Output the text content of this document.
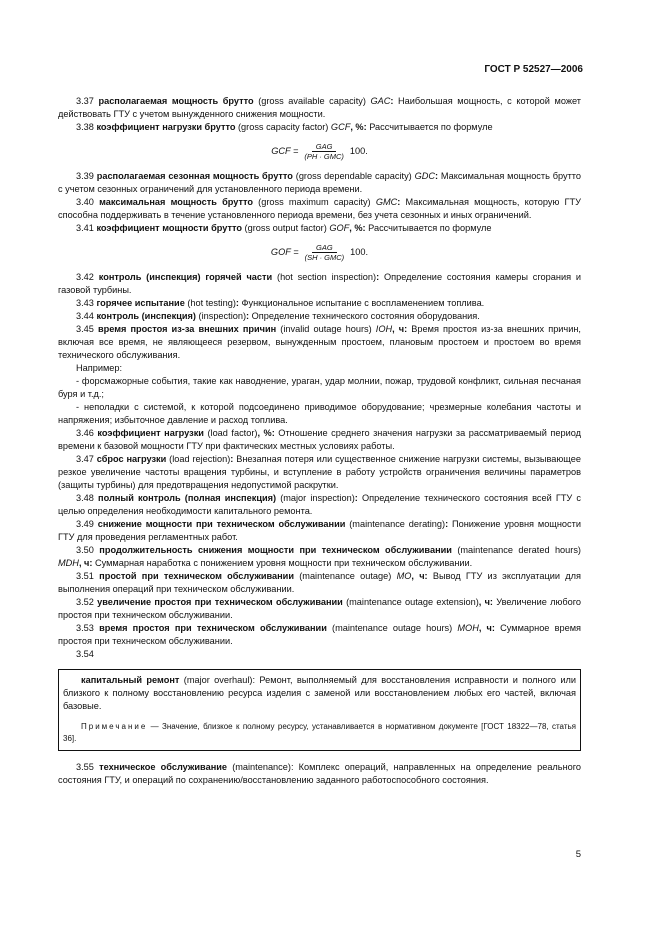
ГОСТ Р 52527—2006

3.37 располагаемая мощность брутто (gross available capacity) GAC: Наибольшая мощность, с которой может действовать ГТУ с учетом вынужденного снижения мощности.

3.38 коэффициент нагрузки брутто (gross capacity factor) GCF, %: Рассчитывается по формуле

GCF = $\frac{\text{GAG}}{\text{(PH · GMC)}} 100$.

3.39 располагаемая сезонная мощность брутто (gross dependable capacity) GDC: Максимальная мощность брутто с учетом сезонных ограничений для установленного периода времени.

3.40 максимальная мощность брутто (gross maximum capacity) GMC: Максимальная мощность, которую ГТУ способна поддерживать в течение установленного периода времени, без учета сезонных и иных ограничений.

3.41 коэффициент мощности брутто (gross output factor) GOF, %: Рассчитывается по формуле

GOF = $\frac{\text{GAG}}{\text{(SH · GMC)}} 100$.

3.42 контроль (инспекция) горячей части (hot section inspection): Определение состояния камеры сгорания и газовой турбины.

3.43 горячее испытание (hot testing): Функциональное испытание с воспламенением топлива.

3.44 контроль (инспекция) (inspection): Определение технического состояния оборудования.

3.45 время простоя из-за внешних причин (invalid outage hours) IOH, ч: Время простоя из-за внешних причин, включая все время, не являющееся резервом, вынужденным простоем, плановым простоем и простоем во время технического обслуживания.

Например:

- форсмажорные события, такие как наводнение, ураган, удар молнии, пожар, трудовой конфликт, сильная песчаная буря и т.д.;

- неполадки с системой, к которой подсоединено приводимое оборудование; чрезмерные колебания частоты и напряжения; избыточное давление и расход топлива.

3.46 коэффициент нагрузки (load factor), %: Отношение среднего значения нагрузки за рассматриваемый период времени к базовой мощности ГТУ при фактических местных условиях работы.

3.47 сброс нагрузки (load rejection): Внезапная потеря или существенное снижение нагрузки системы, вызывающее резкое увеличение частоты вращения турбины, и вступление в работу устройств ограничения величины параметров (защиты турбины) для предотвращения недопустимой раскрутки.

3.48 полный контроль (полная инспекция) (major inspection): Определение технического состояния всей ГТУ с целью определения необходимости капитального ремонта.

3.49 снижение мощности при техническом обслуживании (maintenance derating): Понижение уровня мощности ГТУ для проведения регламентных работ.

3.50 продолжительность снижения мощности при техническом обслуживании (maintenance derated hours) MDH, ч: Суммарная наработка с понижением уровня мощности при техническом обслуживании.

3.51 простой при техническом обслуживании (maintenance outage) MO, ч: Вывод ГТУ из эксплуатации для выполнения операций при техническом обслуживании.

3.52 увеличение простоя при техническом обслуживании (maintenance outage extension), ч: Увеличение любого простоя при техническом обслуживании.

3.53 время простоя при техническом обслуживании (maintenance outage hours) MOH, ч: Суммарное время простоя при техническом обслуживании.

3.54

капитальный ремонт (major overhaul): Ремонт, выполняемый для восстановления исправности и полного или близкого к полному восстановлению ресурса изделия с заменой или восстановлением любых его частей, включая базовые.

Примечание — Значение, близкое к полному ресурсу, устанавливается в нормативном документе [ГОСТ 18322—78, статья 36].

3.55 техническое обслуживание (maintenance): Комплекс операций, направленных на определение реального состояния ГТУ, и операций по сохранению/восстановлению заданного работоспособного состояния.

5
